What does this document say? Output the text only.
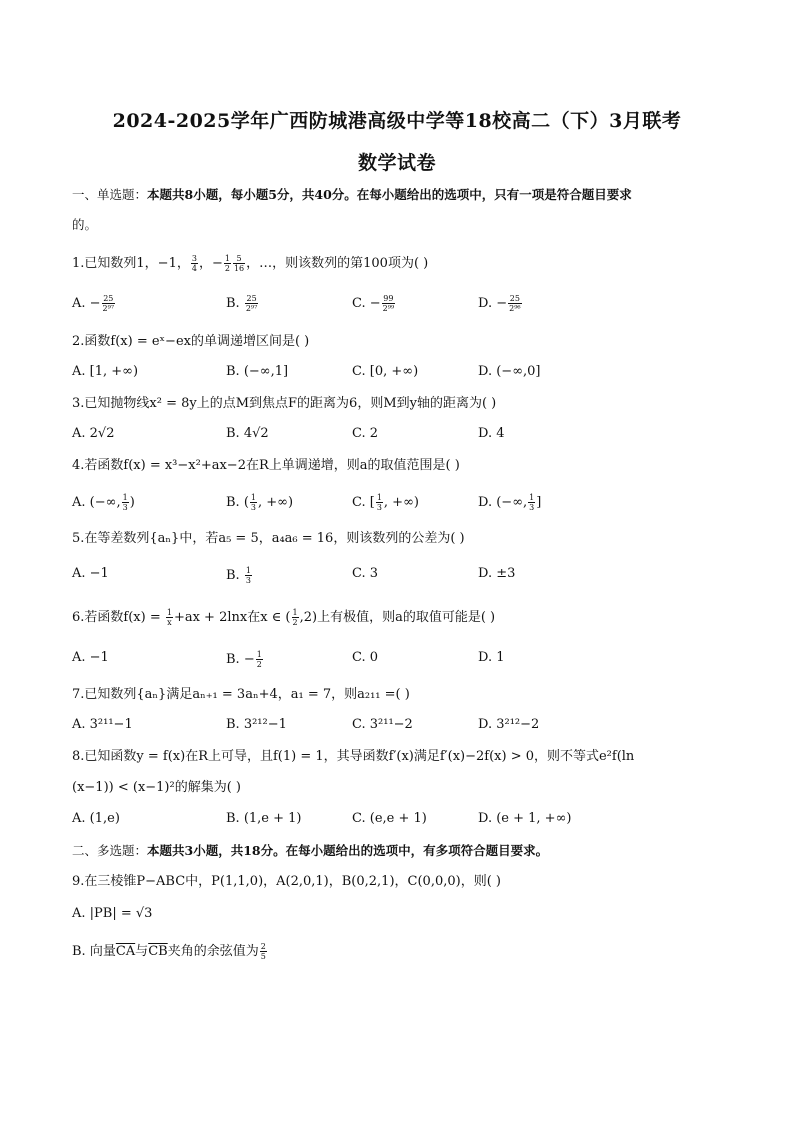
2024-2025学年广西防城港高级中学等18校高二（下）3月联考
数学试卷
一、单选题：本题共8小题，每小题5分，共40分。在每小题给出的选项中，只有一项是符合题目要求
的。
1.已知数列1，−1， $\frac{3}{4}$ ，− $\frac{1}{2} \frac{5}{16}$ ，…，则该数列的第100项为( )
A. − $\frac{25}{\text{2⁹⁷}}$	B. $\frac{25}{\text{2⁹⁷}}$	C. − $\frac{99}{\text{2⁹⁹}}$	D. − $\frac{25}{\text{2⁹⁶}}$
2.函数f(x) = eˣ−ex的单调递增区间是( )
A. [1, +∞)	B. (−∞,1]	C. [0, +∞)	D. (−∞,0]
3.已知抛物线x² = 8y上的点M到焦点F的距离为6，则M到y轴的距离为( )
A. 2√2	B. 4√2	C. 2	D. 4
4.若函数f(x) = x³−x²+ax−2在R上单调递增，则a的取值范围是( )
A. (−∞, $\frac{1}{3}$ )	B. ( $\frac{1}{3}$ , +∞)	C. [ $\frac{1}{3}$ , +∞)	D. (−∞, $\frac{1}{3}$ ]
5.在等差数列{aₙ}中，若a₅ = 5，a₄a₆ = 16，则该数列的公差为( )
A. −1	B. $\frac{1}{3}$	C. 3	D. ±3
6.若函数$f(x) = \frac{1}{x} +ax + 2\ln x$在x ∈ ( $\frac{1}{2} ,2$)上有极值，则a的取值可能是( )
A. −1	B. − $\frac{1}{2}$	C. 0	D. 1
7.已知数列{aₙ}满足aₙ₊₁ = 3aₙ+4，a₁ = 7，则a₂₁₁ =( )
A. 3²¹¹−1	B. 3²¹²−1	C. 3²¹¹−2	D. 3²¹²−2
8.已知函数y = f(x)在R上可导，且f(1) = 1，其导函数f′(x)满足f′(x)−2f(x) > 0，则不等式e²f(ln
(x−1)) < (x−1)²的解集为( )
A. (1,e)	B. (1,e + 1)	C. (e,e + 1)	D. (e + 1, +∞)
二、多选题：本题共3小题，共18分。在每小题给出的选项中，有多项符合题目要求。
9.在三棱锥P−ABC中，P(1,1,0)，A(2,0,1)，B(0,2,1)，C(0,0,0)，则( )
A. |PB| = √3
B. 向量$\overline{CA}$与$\overline{CB}$夹角的余弦值为 $\frac{2}{5}$
